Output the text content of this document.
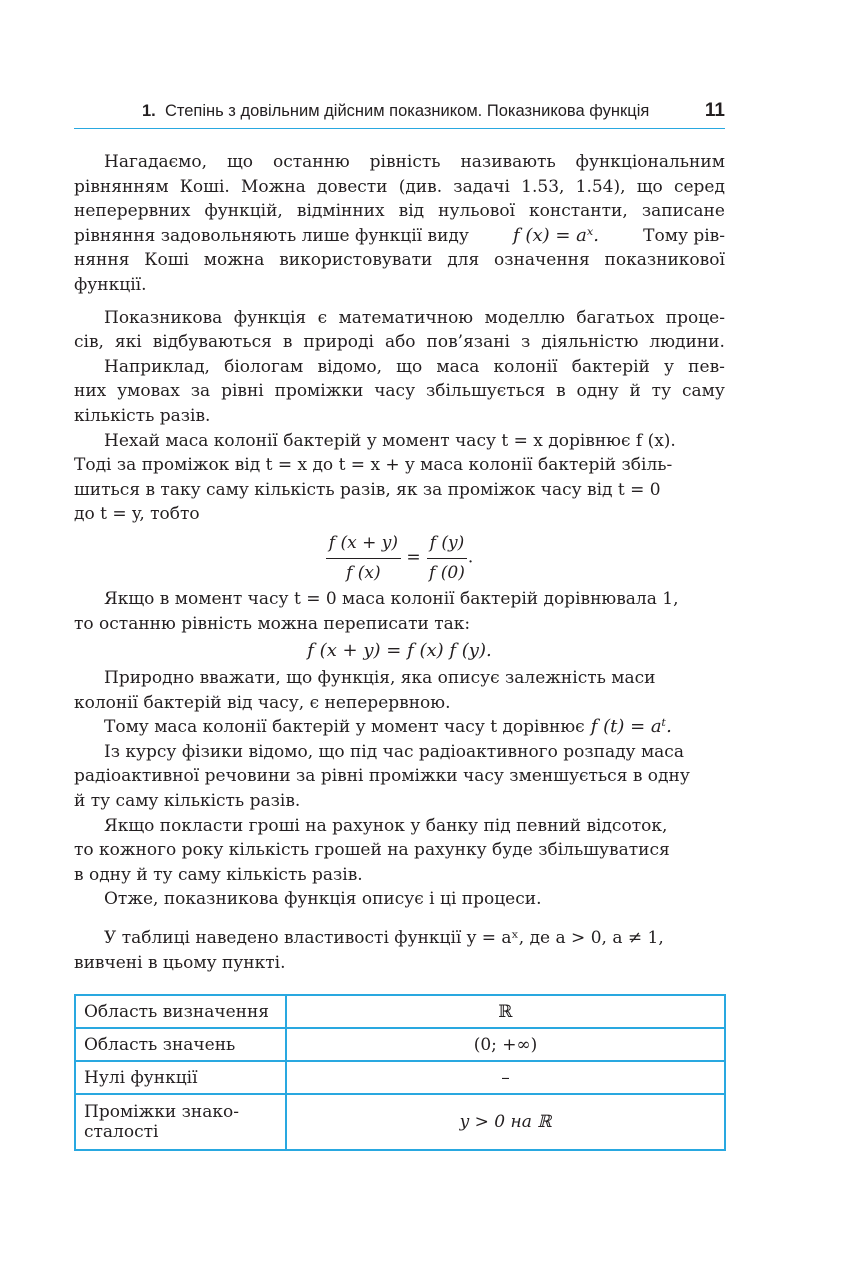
1. Степінь з довільним дійсним показником. Показникова функція	11
Нагадаємо, що останню рівність називають функціональним
рівнянням Коші. Можна довести (див. задачі 1.53, 1.54), що серед
неперервних функцій, відмінних від нульової константи, записане
рівняння задовольняють лише функції виду f (x) = aˣ.	Тому рів-
няння Коші можна використовувати для означення показникової
функції.
Показникова функція є математичною моделлю багатьох проце-
сів, які відбуваються в природі або пов’язані з діяльністю людини.
Наприклад, біологам відомо, що маса колонії бактерій у пев-
них умовах за рівні проміжки часу збільшується в одну й ту саму
кількість разів.
Нехай маса колонії бактерій у момент часу t = x дорівнює f (x).
Тоді за проміжок від t = x до t = x + y маса колонії бактерій збіль-
шиться в таку саму кількість разів, як за проміжок часу від t = 0
до t = y, тобто
$\frac{f (x + y)}{f (x)} = \frac{f (y)}{f (0)}$ .
Якщо в момент часу t = 0 маса колонії бактерій дорівнювала 1,
то останню рівність можна переписати так:
f (x + y) = f (x) f (y).
Природно вважати, що функція, яка описує залежність маси
колонії бактерій від часу, є неперервною.
Тому маса колонії бактерій у момент часу t дорівнює f (t) = aᵗ.
Із курсу фізики відомо, що під час радіоактивного розпаду маса
радіоактивної речовини за рівні проміжки часу зменшується в одну
й ту саму кількість разів.
Якщо покласти гроші на рахунок у банку під певний відсоток,
то кожного року кількість грошей на рахунку буде збільшуватися
в одну й ту саму кількість разів.
Отже, показникова функція описує і ці процеси.
У таблиці наведено властивості функції y = aˣ, де a > 0, a ≠ 1,
вивчені в цьому пункті.
Область визначення	ℝ
Область значень	(0; +∞)
Нулі функції	–
Проміжки знако-
сталості	y > 0 на ℝ
